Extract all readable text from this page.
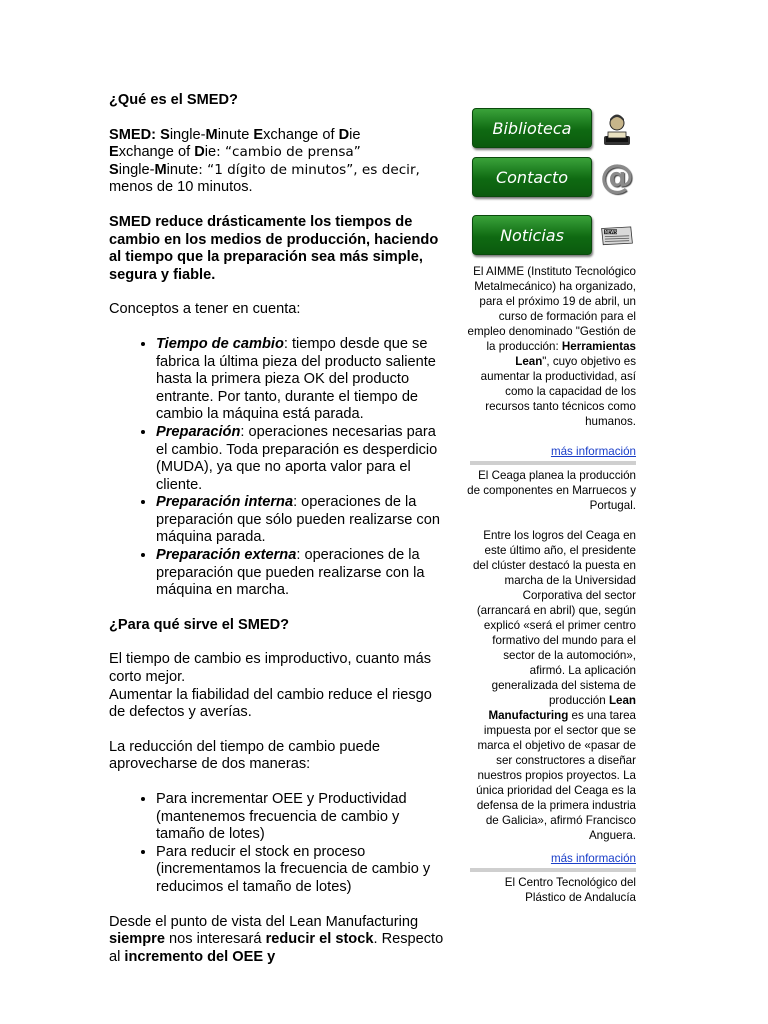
¿Qué es el SMED?

SMED: Single-Minute Exchange of Die
Exchange of Die: “cambio de prensa”
Single-Minute: “1 dígito de minutos”, es decir,
menos de 10 minutos.

SMED reduce drásticamente los tiempos de cambio en los medios de producción, haciendo al tiempo que la preparación sea más simple, segura y fiable.

Conceptos a tener en cuenta:

• Tiempo de cambio: tiempo desde que se fabrica la última pieza del producto saliente hasta la primera pieza OK del producto entrante. Por tanto, durante el tiempo de cambio la máquina está parada.
• Preparación: operaciones necesarias para el cambio. Toda preparación es desperdicio (MUDA), ya que no aporta valor para el cliente.
• Preparación interna: operaciones de la preparación que sólo pueden realizarse con máquina parada.
• Preparación externa: operaciones de la preparación que pueden realizarse con la máquina en marcha.
¿Para qué sirve el SMED?

El tiempo de cambio es improductivo, cuanto más corto mejor.
Aumentar la fiabilidad del cambio reduce el riesgo de defectos y averías.

La reducción del tiempo de cambio puede aprovecharse de dos maneras:

• Para incrementar OEE y Productividad (mantenemos frecuencia de cambio y tamaño de lotes)
• Para reducir el stock en proceso (incrementamos la frecuencia de cambio y reducimos el tamaño de lotes)

Desde el punto de vista del Lean Manufacturing siempre nos interesará reducir el stock. Respecto al incremento del OEE y

Biblioteca
Contacto @
Noticias	NEWS

El AIMME (Instituto Tecnológico Metalmecánico) ha organizado, para el próximo 19 de abril, un curso de formación para el empleo denominado "Gestión de la producción: Herramientas Lean", cuyo objetivo es aumentar la productividad, así como la capacidad de los recursos tanto técnicos como humanos.

más información

El Ceaga planea la producción de componentes en Marruecos y Portugal.

Entre los logros del Ceaga en este último año, el presidente del clúster destacó la puesta en marcha de la Universidad Corporativa del sector (arrancará en abril) que, según explicó «será el primer centro formativo del mundo para el sector de la automoción», afirmó. La aplicación generalizada del sistema de producción Lean Manufacturing es una tarea impuesta por el sector que se marca el objetivo de «pasar de ser constructores a diseñar nuestros propios proyectos. La única prioridad del Ceaga es la defensa de la primera industria de Galicia», afirmó Francisco Anguera.

más información

El Centro Tecnológico del Plástico de Andalucía
